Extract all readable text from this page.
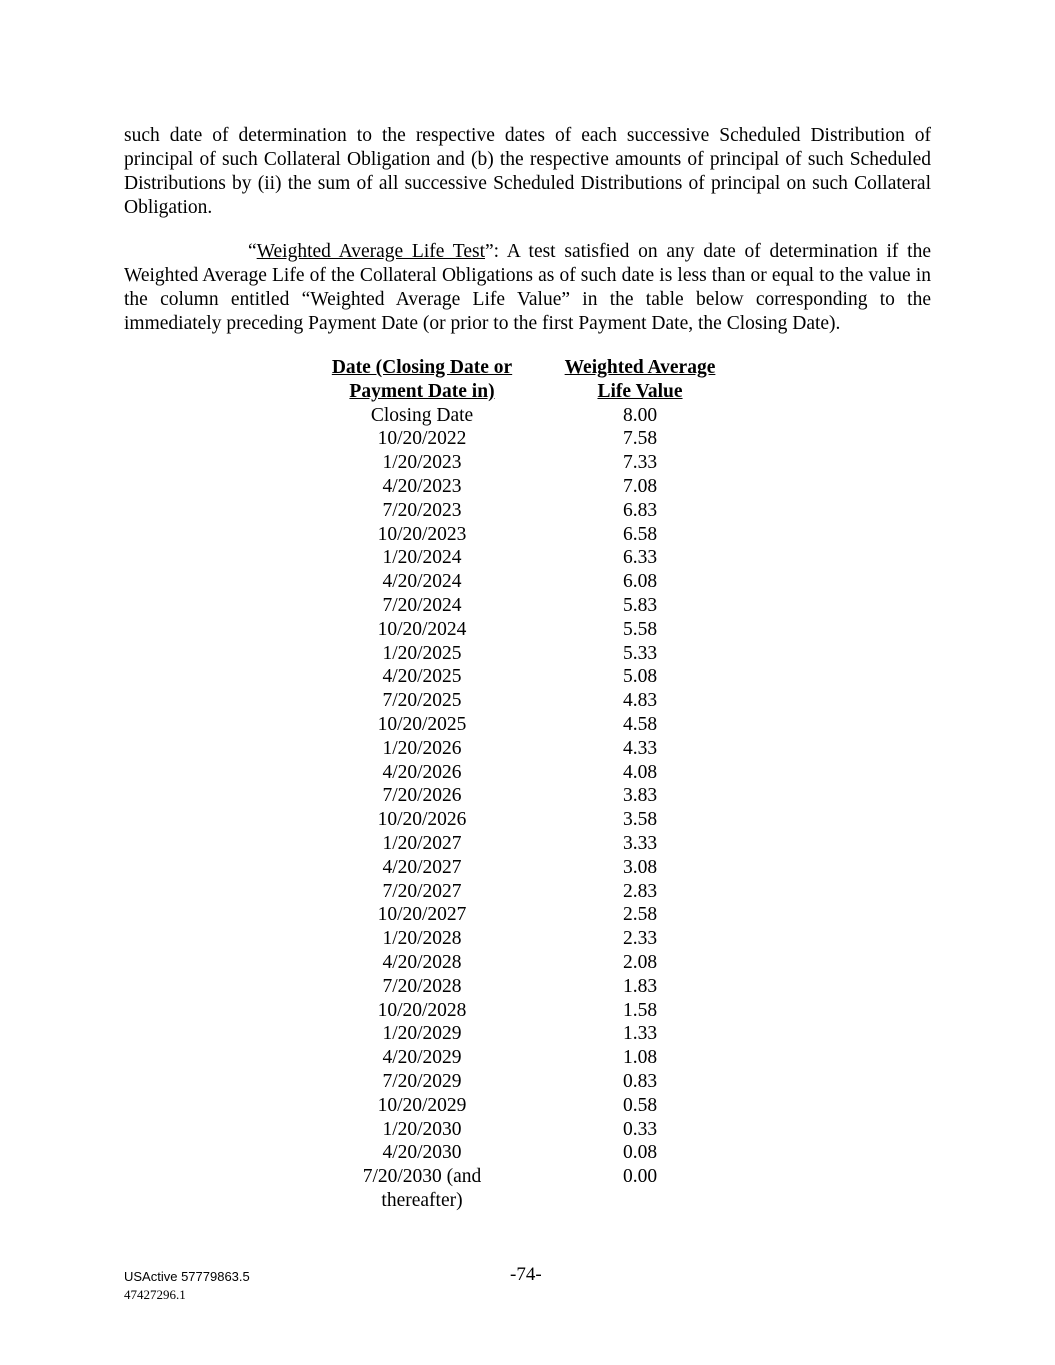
such date of determination to the respective dates of each successive Scheduled Distribution of principal of such Collateral Obligation and (b) the respective amounts of principal of such Scheduled Distributions by (ii) the sum of all successive Scheduled Distributions of principal on such Collateral Obligation.

“Weighted Average Life Test”: A test satisfied on any date of determination if the Weighted Average Life of the Collateral Obligations as of such date is less than or equal to the value in the column entitled “Weighted Average Life Value” in the table below corresponding to the immediately preceding Payment Date (or prior to the first Payment Date, the Closing Date).

Date (Closing Date or
Payment Date in)	Weighted Average
Life Value
Closing Date	8.00
10/20/2022	7.58
1/20/2023	7.33
4/20/2023	7.08
7/20/2023	6.83
10/20/2023	6.58
1/20/2024	6.33
4/20/2024	6.08
7/20/2024	5.83
10/20/2024	5.58
1/20/2025	5.33
4/20/2025	5.08
7/20/2025	4.83
10/20/2025	4.58
1/20/2026	4.33
4/20/2026	4.08
7/20/2026	3.83
10/20/2026	3.58
1/20/2027	3.33
4/20/2027	3.08
7/20/2027	2.83
10/20/2027	2.58
1/20/2028	2.33
4/20/2028	2.08
7/20/2028	1.83
10/20/2028	1.58
1/20/2029	1.33
4/20/2029	1.08
7/20/2029	0.83
10/20/2029	0.58
1/20/2030	0.33
4/20/2030	0.08
7/20/2030 (and thereafter)	0.00
USActive 57779863.5
47427296.1
-74-
